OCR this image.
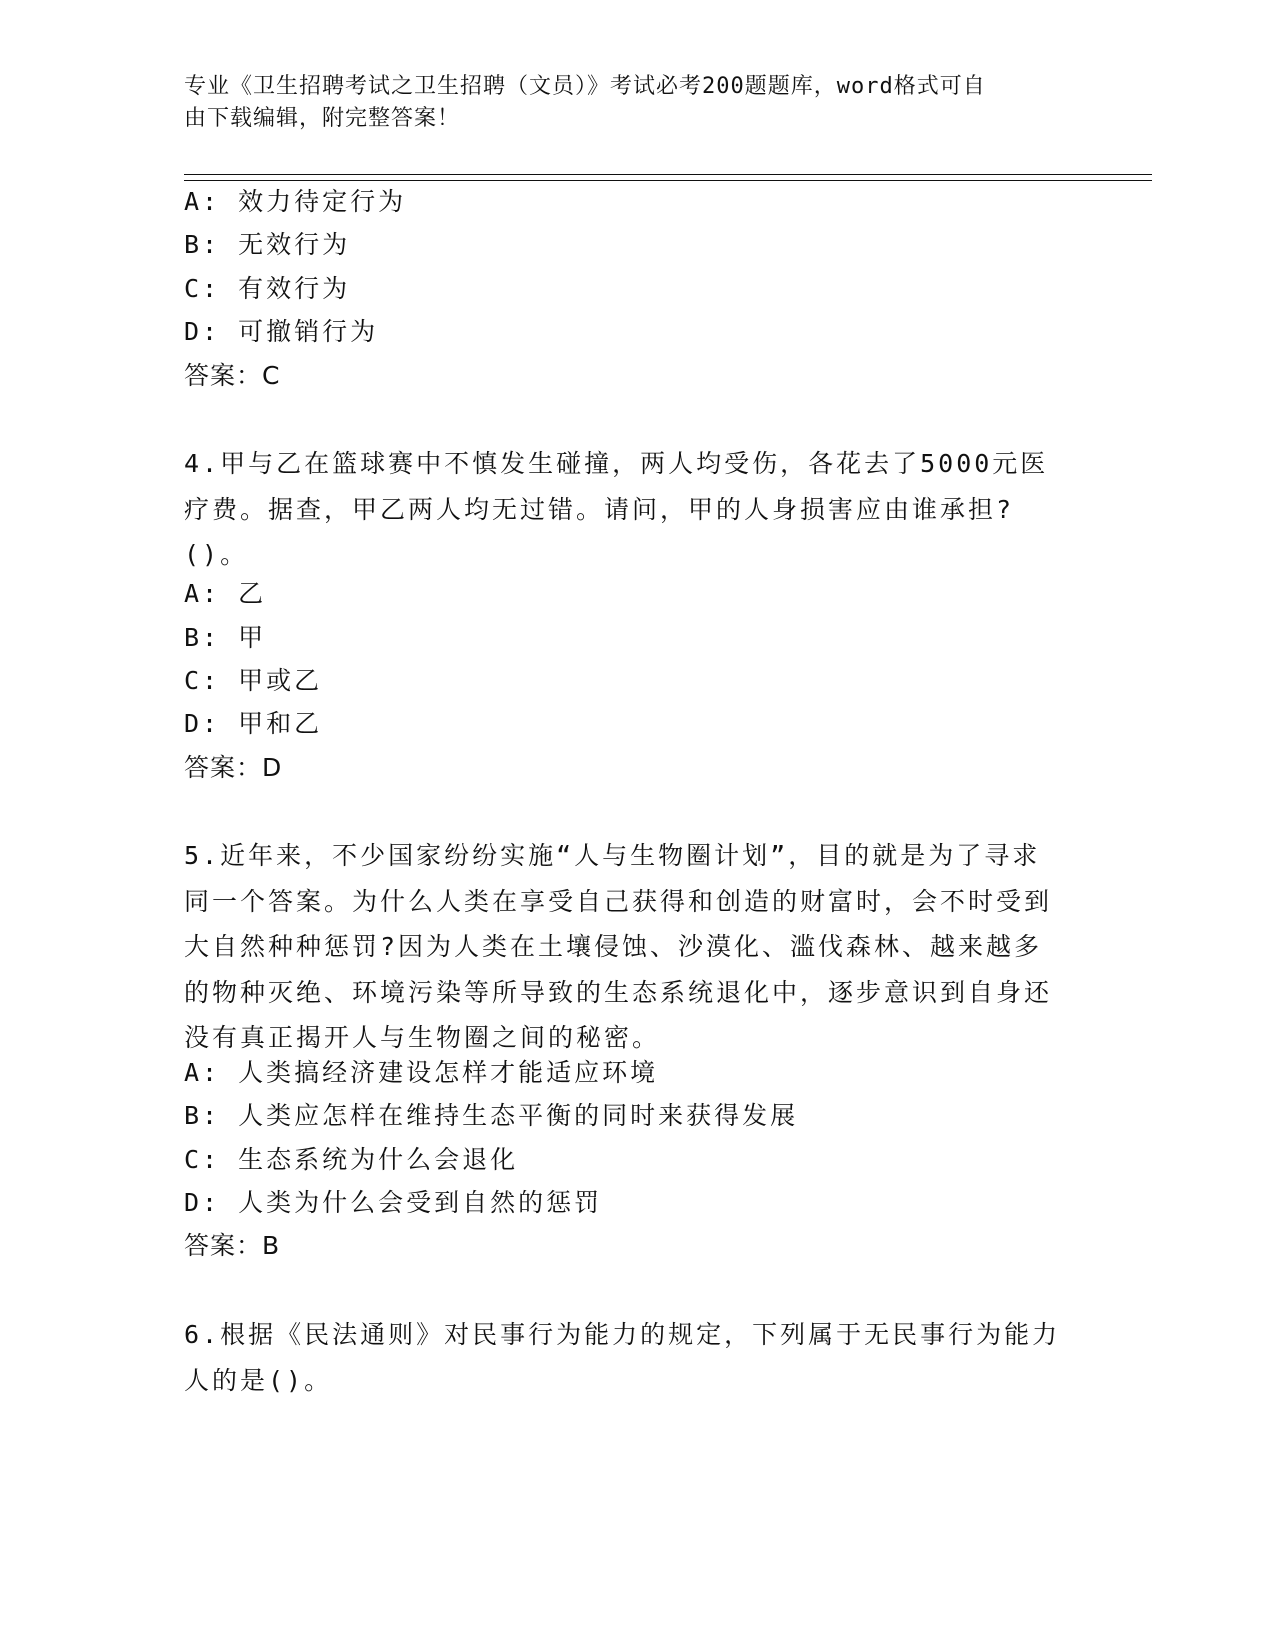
专业《卫生招聘考试之卫生招聘（文员）》考试必考200题题库，word格式可自
由下载编辑，附完整答案！
A: 效力待定行为
B: 无效行为
C: 有效行为
D: 可撤销行为
答案：C
4.甲与乙在篮球赛中不慎发生碰撞，两人均受伤，各花去了5000元医疗费。据查，甲乙两人均无过错。请问，甲的人身损害应由谁承担?()。
A: 乙
B: 甲
C: 甲或乙
D: 甲和乙
答案：D
5.近年来，不少国家纷纷实施“人与生物圈计划”，目的就是为了寻求同一个答案。为什么人类在享受自己获得和创造的财富时，会不时受到大自然种种惩罚?因为人类在土壤侵蚀、沙漠化、滥伐森林、越来越多的物种灭绝、环境污染等所导致的生态系统退化中，逐步意识到自身还没有真正揭开人与生物圈之间的秘密。
A: 人类搞经济建设怎样才能适应环境
B: 人类应怎样在维持生态平衡的同时来获得发展
C: 生态系统为什么会退化
D: 人类为什么会受到自然的惩罚
答案：B
6.根据《民法通则》对民事行为能力的规定，下列属于无民事行为能力人的是()。
